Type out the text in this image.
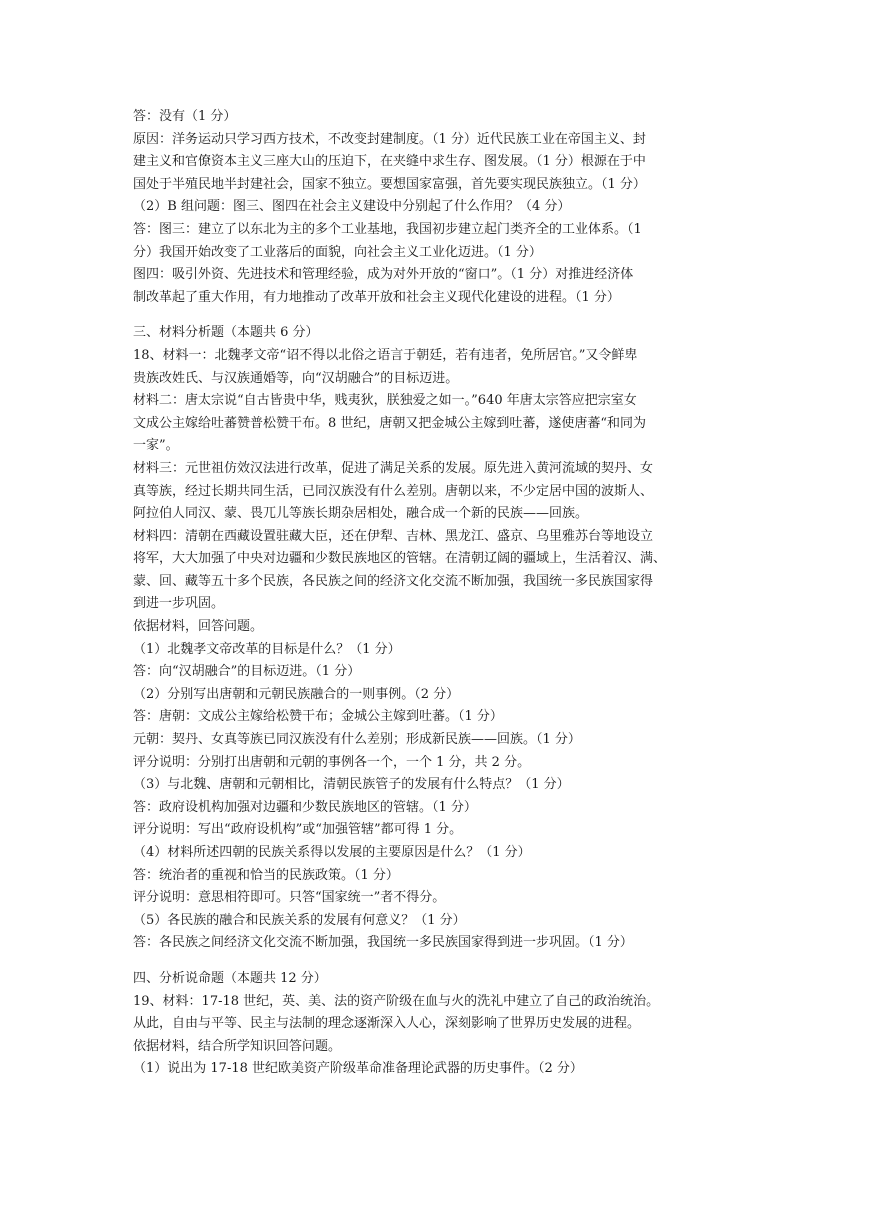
答：没有（1 分）
原因：洋务运动只学习西方技术，不改变封建制度。（1 分）近代民族工业在帝国主义、封
建主义和官僚资本主义三座大山的压迫下，在夹缝中求生存、图发展。（1 分）根源在于中
国处于半殖民地半封建社会，国家不独立。要想国家富强，首先要实现民族独立。（1 分）
（2）B 组问题：图三、图四在社会主义建设中分别起了什么作用？（4 分）
答：图三：建立了以东北为主的多个工业基地，我国初步建立起门类齐全的工业体系。（1
分）我国开始改变了工业落后的面貌，向社会主义工业化迈进。（1 分）
图四：吸引外资、先进技术和管理经验，成为对外开放的“窗口”。（1 分）对推进经济体
制改革起了重大作用，有力地推动了改革开放和社会主义现代化建设的进程。（1 分）
三、材料分析题（本题共 6 分）
18、材料一：北魏孝文帝“诏不得以北俗之语言于朝廷，若有违者，免所居官。”又令鲜卑
贵族改姓氏、与汉族通婚等，向“汉胡融合”的目标迈进。
材料二：唐太宗说“自古皆贵中华，贱夷狄，朕独爱之如一。”640 年唐太宗答应把宗室女
文成公主嫁给吐蕃赞普松赞干布。8 世纪，唐朝又把金城公主嫁到吐蕃，遂使唐蕃“和同为
一家”。
材料三：元世祖仿效汉法进行改革，促进了满足关系的发展。原先进入黄河流域的契丹、女
真等族，经过长期共同生活，已同汉族没有什么差别。唐朝以来，不少定居中国的波斯人、
阿拉伯人同汉、蒙、畏兀儿等族长期杂居相处，融合成一个新的民族——回族。
材料四：清朝在西藏设置驻藏大臣，还在伊犁、吉林、黑龙江、盛京、乌里雅苏台等地设立
将军，大大加强了中央对边疆和少数民族地区的管辖。在清朝辽阔的疆域上，生活着汉、满、
蒙、回、藏等五十多个民族，各民族之间的经济文化交流不断加强，我国统一多民族国家得
到进一步巩固。
依据材料，回答问题。
（1）北魏孝文帝改革的目标是什么？（1 分）
答：向“汉胡融合”的目标迈进。（1 分）
（2）分别写出唐朝和元朝民族融合的一则事例。（2 分）
答：唐朝：文成公主嫁给松赞干布；金城公主嫁到吐蕃。（1 分）
元朝：契丹、女真等族已同汉族没有什么差别；形成新民族——回族。（1 分）
评分说明：分别打出唐朝和元朝的事例各一个，一个 1 分，共 2 分。
（3）与北魏、唐朝和元朝相比，清朝民族管子的发展有什么特点？（1 分）
答：政府设机构加强对边疆和少数民族地区的管辖。（1 分）
评分说明：写出“政府设机构”或“加强管辖”都可得 1 分。
（4）材料所述四朝的民族关系得以发展的主要原因是什么？（1 分）
答：统治者的重视和恰当的民族政策。（1 分）
评分说明：意思相符即可。只答“国家统一”者不得分。
（5）各民族的融合和民族关系的发展有何意义？（1 分）
答：各民族之间经济文化交流不断加强，我国统一多民族国家得到进一步巩固。（1 分）
四、分析说命题（本题共 12 分）
19、材料：17-18 世纪，英、美、法的资产阶级在血与火的洗礼中建立了自己的政治统治。
从此，自由与平等、民主与法制的理念逐渐深入人心，深刻影响了世界历史发展的进程。
依据材料，结合所学知识回答问题。
（1）说出为 17-18 世纪欧美资产阶级革命准备理论武器的历史事件。（2 分）
